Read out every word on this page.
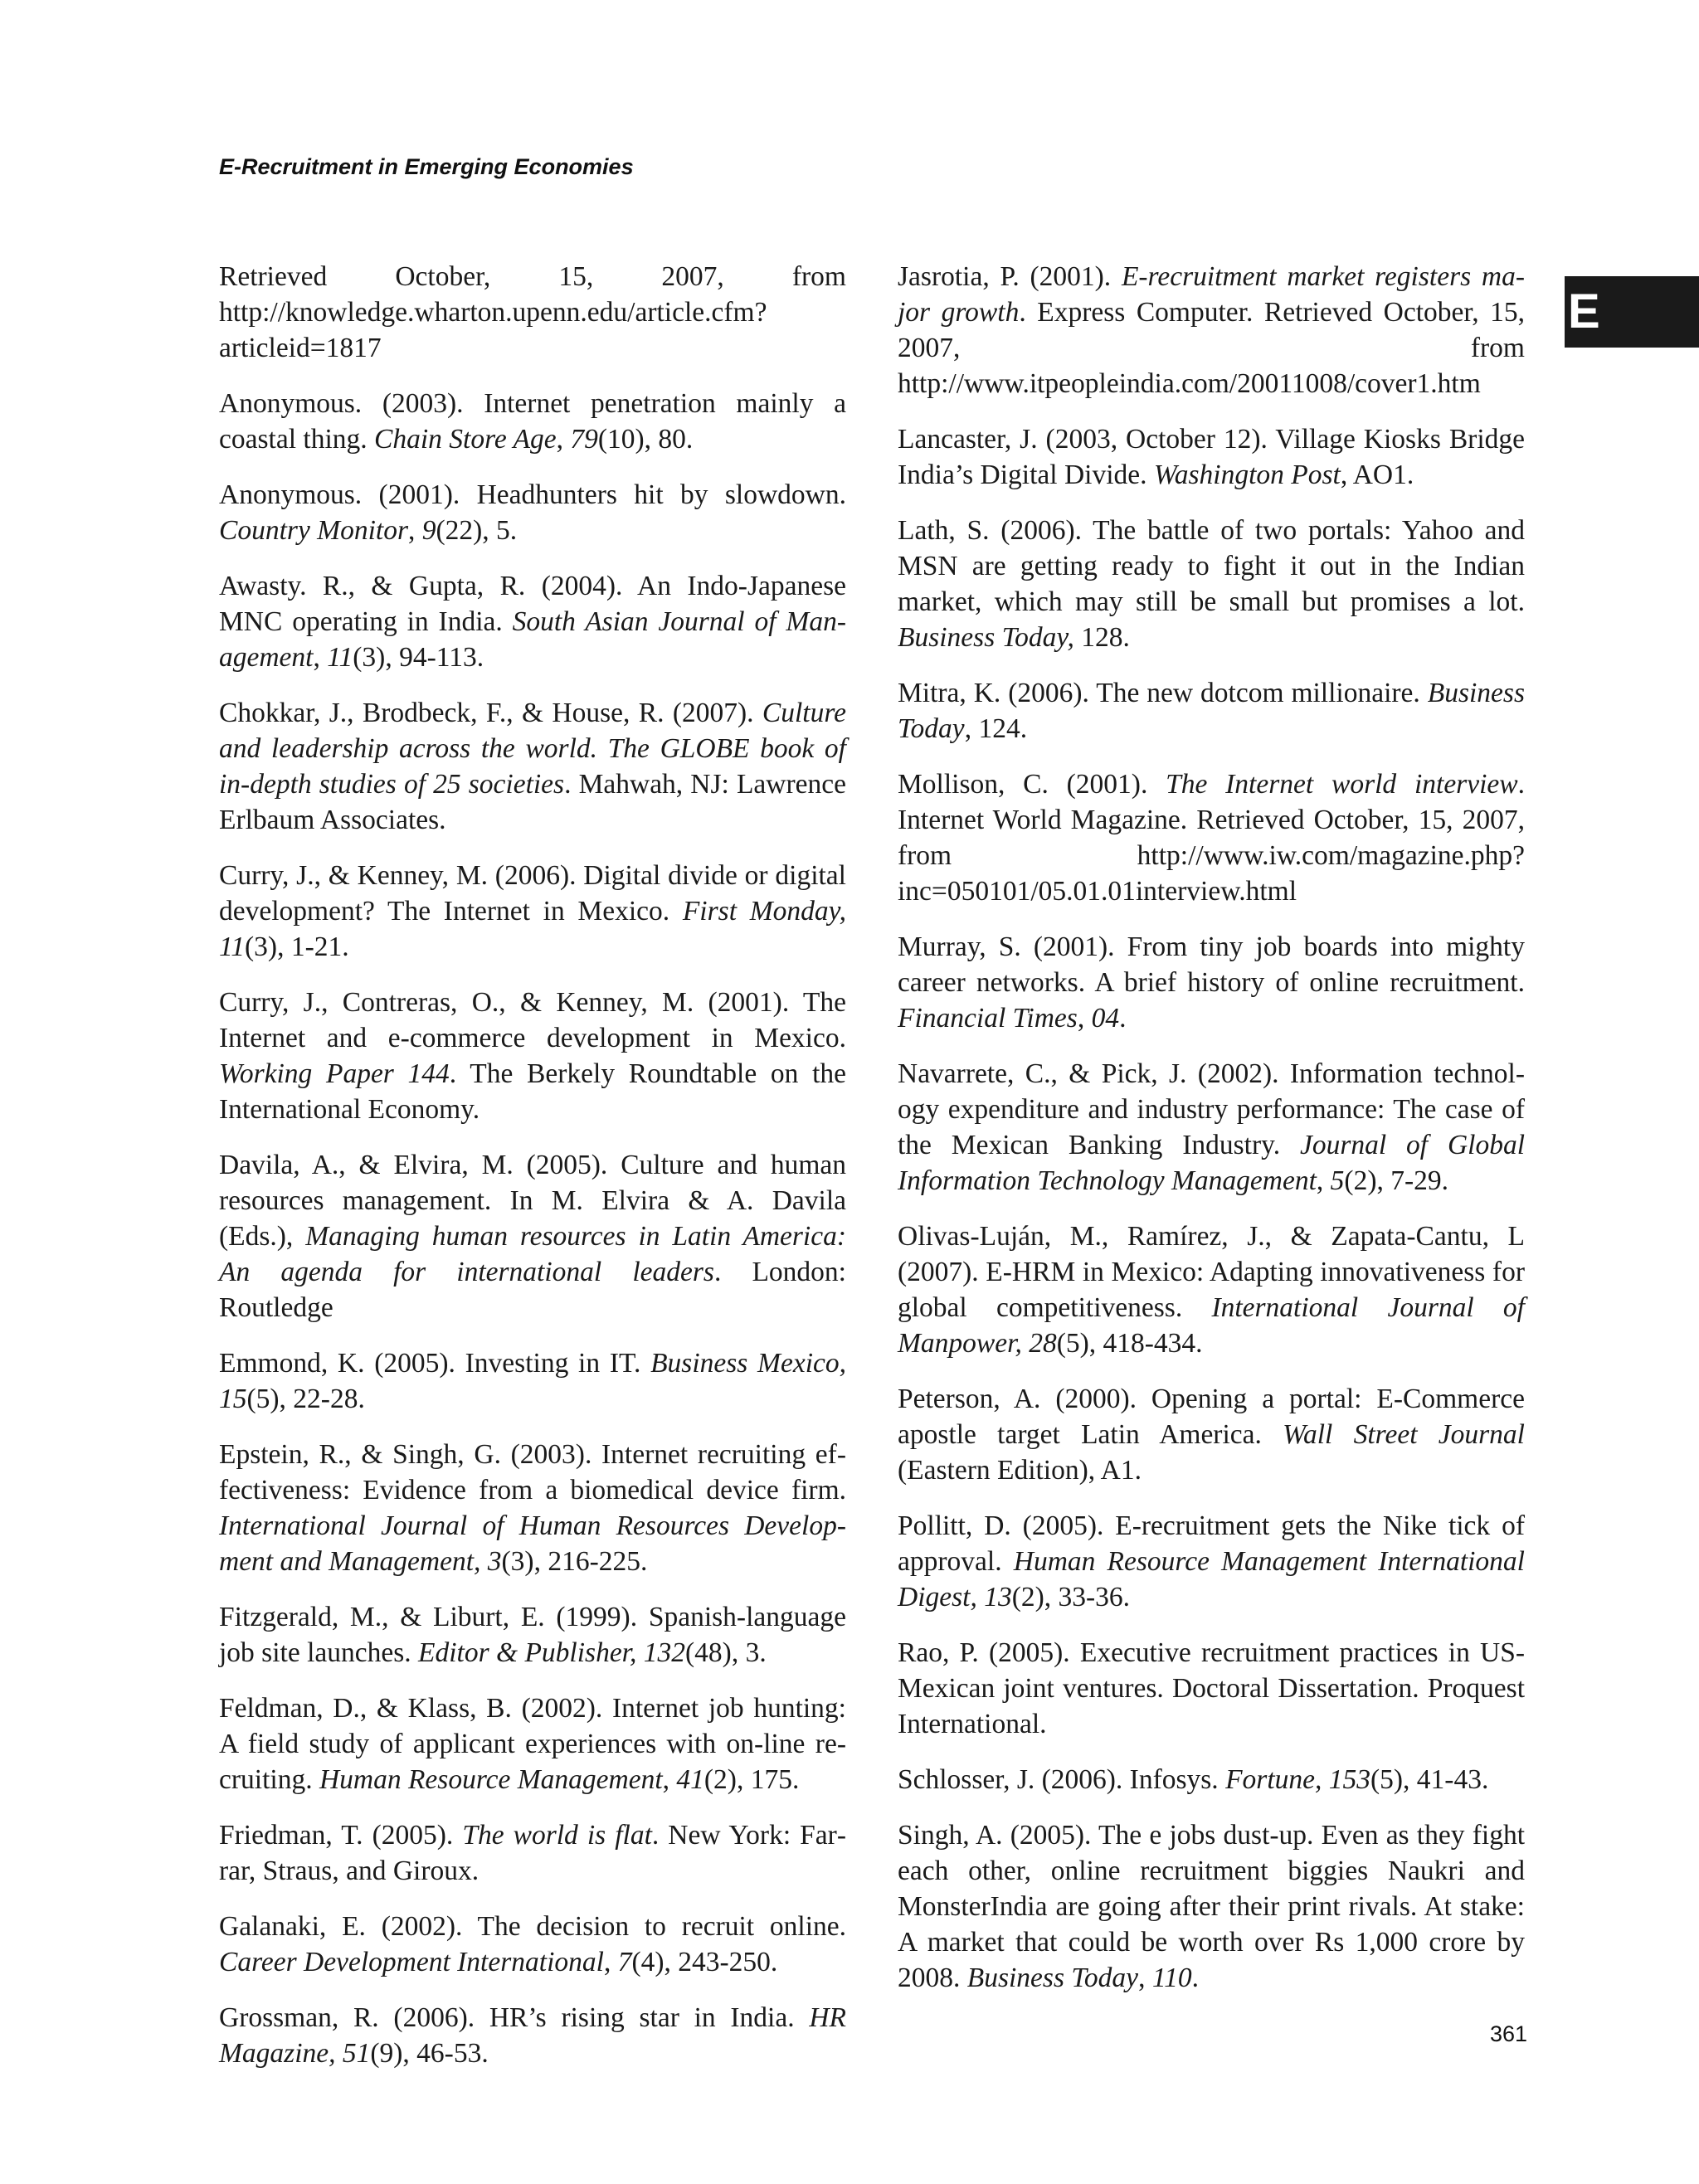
E-Recruitment in Emerging Economies

E

Retrieved October, 15, 2007, from http://knowledge.wharton.upenn.edu/article.cfm?articleid=1817

Anonymous. (2003). Internet penetration mainly a coastal thing. Chain Store Age, 79(10), 80.

Anonymous. (2001). Headhunters hit by slowdown. Country Monitor, 9(22), 5.

Awasty. R., & Gupta, R. (2004). An Indo-Japanese MNC operating in India. South Asian Journal of Management, 11(3), 94-113.

Chokkar, J., Brodbeck, F., & House, R. (2007). Culture and leadership across the world. The GLOBE book of in-depth studies of 25 societies. Mahwah, NJ: Lawrence Erlbaum Associates.

Curry, J., & Kenney, M. (2006). Digital divide or digital development? The Internet in Mexico. First Monday, 11(3), 1-21.

Curry, J., Contreras, O., & Kenney, M. (2001). The Internet and e-commerce development in Mexico. Working Paper 144. The Berkely Roundtable on the International Economy.

Davila, A., & Elvira, M. (2005). Culture and human resources management. In M. Elvira & A. Davila (Eds.), Managing human resources in Latin America: An agenda for international leaders. London: Routledge

Emmond, K. (2005). Investing in IT. Business Mexico, 15(5), 22-28.

Epstein, R., & Singh, G. (2003). Internet recruiting effectiveness: Evidence from a biomedical device firm. International Journal of Human Resources Development and Management, 3(3), 216-225.

Fitzgerald, M., & Liburt, E. (1999). Spanish-language job site launches. Editor & Publisher, 132(48), 3.

Feldman, D., & Klass, B. (2002). Internet job hunting: A field study of applicant experiences with on-line recruiting. Human Resource Management, 41(2), 175.

Friedman, T. (2005). The world is flat. New York: Farrar, Straus, and Giroux.

Galanaki, E. (2002). The decision to recruit online. Career Development International, 7(4), 243-250.

Grossman, R. (2006). HR’s rising star in India. HR Magazine, 51(9), 46-53.

Jasrotia, P. (2001). E-recruitment market registers major growth. Express Computer. Retrieved October, 15, 2007, from http://www.itpeopleindia.com/20011008/cover1.htm

Lancaster, J. (2003, October 12). Village Kiosks Bridge India’s Digital Divide. Washington Post, AO1.

Lath, S. (2006). The battle of two portals: Yahoo and MSN are getting ready to fight it out in the Indian market, which may still be small but promises a lot. Business Today, 128.

Mitra, K. (2006). The new dotcom millionaire. Business Today, 124.

Mollison, C. (2001). The Internet world interview. Internet World Magazine. Retrieved October, 15, 2007, from http://www.iw.com/magazine.php?inc=050101/05.01.01interview.html

Murray, S. (2001). From tiny job boards into mighty career networks. A brief history of online recruitment. Financial Times, 04.

Navarrete, C., & Pick, J. (2002). Information technology expenditure and industry performance: The case of the Mexican Banking Industry. Journal of Global Information Technology Management, 5(2), 7-29.

Olivas-Luján, M., Ramírez, J., & Zapata-Cantu, L (2007). E-HRM in Mexico: Adapting innovativeness for global competitiveness. International Journal of Manpower, 28(5), 418-434.

Peterson, A. (2000). Opening a portal: E-Commerce apostle target Latin America. Wall Street Journal (Eastern Edition), A1.

Pollitt, D. (2005). E-recruitment gets the Nike tick of approval. Human Resource Management International Digest, 13(2), 33-36.

Rao, P. (2005). Executive recruitment practices in US-Mexican joint ventures. Doctoral Dissertation. Proquest International.

Schlosser, J. (2006). Infosys. Fortune, 153(5), 41-43.

Singh, A. (2005). The e jobs dust-up. Even as they fight each other, online recruitment biggies Naukri and MonsterIndia are going after their print rivals. At stake: A market that could be worth over Rs 1,000 crore by 2008. Business Today, 110.

361
